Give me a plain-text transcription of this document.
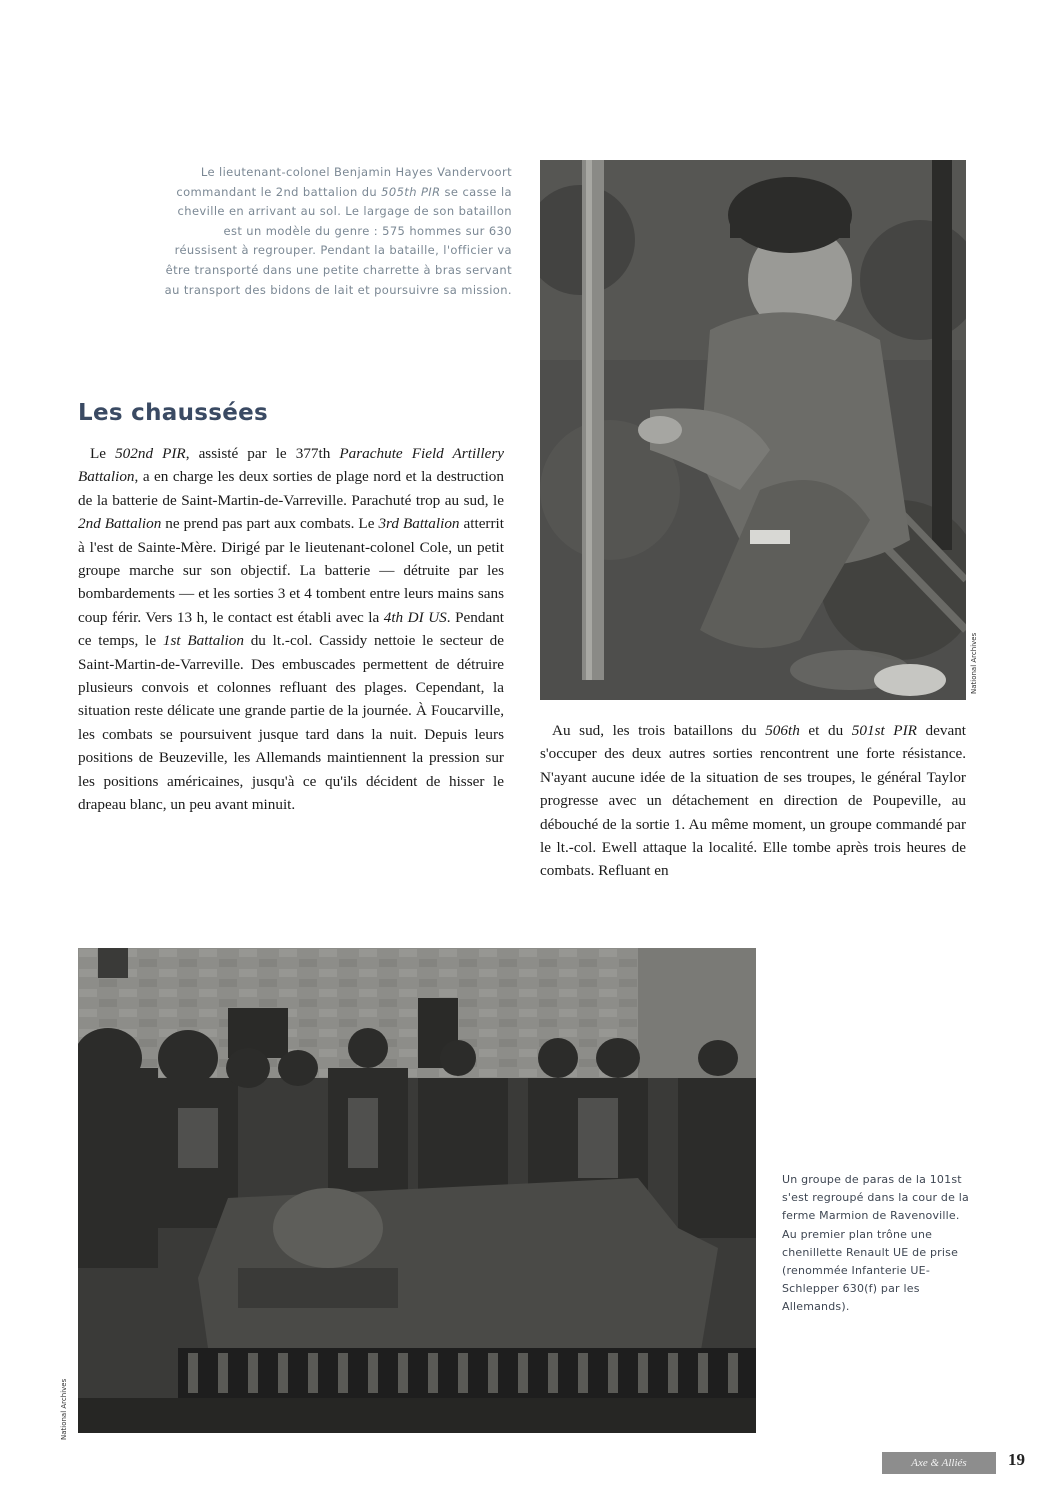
Le lieutenant-colonel Benjamin Hayes Vandervoort commandant le 2nd battalion du 505th PIR se casse la cheville en arrivant au sol. Le largage de son bataillon est un modèle du genre : 575 hommes sur 630 réussisent à regrouper. Pendant la bataille, l'officier va être transporté dans une petite charrette à bras servant au transport des bidons de lait et poursuivre sa mission.

National Archives
Les chaussées

Le 502nd PIR, assisté par le 377th Parachute Field Artillery Battalion, a en charge les deux sorties de plage nord et la destruction de la batterie de Saint-Martin-de-Varreville. Parachuté trop au sud, le 2nd Battalion ne prend pas part aux combats. Le 3rd Battalion atterrit à l'est de Sainte-Mère. Dirigé par le lieutenant-colonel Cole, un petit groupe marche sur son objectif. La batterie — détruite par les bombardements — et les sorties 3 et 4 tombent entre leurs mains sans coup férir. Vers 13 h, le contact est établi avec la 4th DI US. Pendant ce temps, le 1st Battalion du lt.-col. Cassidy nettoie le secteur de Saint-Martin-de-Varreville. Des embuscades permettent de détruire plusieurs convois et colonnes refluant des plages. Cependant, la situation reste délicate une grande partie de la journée. À Foucarville, les combats se poursuivent jusque tard dans la nuit. Depuis leurs positions de Beuzeville, les Allemands maintiennent la pression sur les positions américaines, jusqu'à ce qu'ils décident de hisser le drapeau blanc, un peu avant minuit.

Au sud, les trois bataillons du 506th et du 501st PIR devant s'occuper des deux autres sorties rencontrent une forte résistance. N'ayant aucune idée de la situation de ses troupes, le général Taylor progresse avec un détachement en direction de Poupeville, au débouché de la sortie 1. Au même moment, un groupe commandé par le lt.-col. Ewell attaque la localité. Elle tombe après trois heures de combats. Refluant en

National Archives

Un groupe de paras de la 101st s'est regroupé dans la cour de la ferme Marmion de Ravenoville. Au premier plan trône une chenillette Renault UE de prise (renommée Infanterie UE-Schlepper 630(f) par les Allemands).

Axe & Alliés	19
